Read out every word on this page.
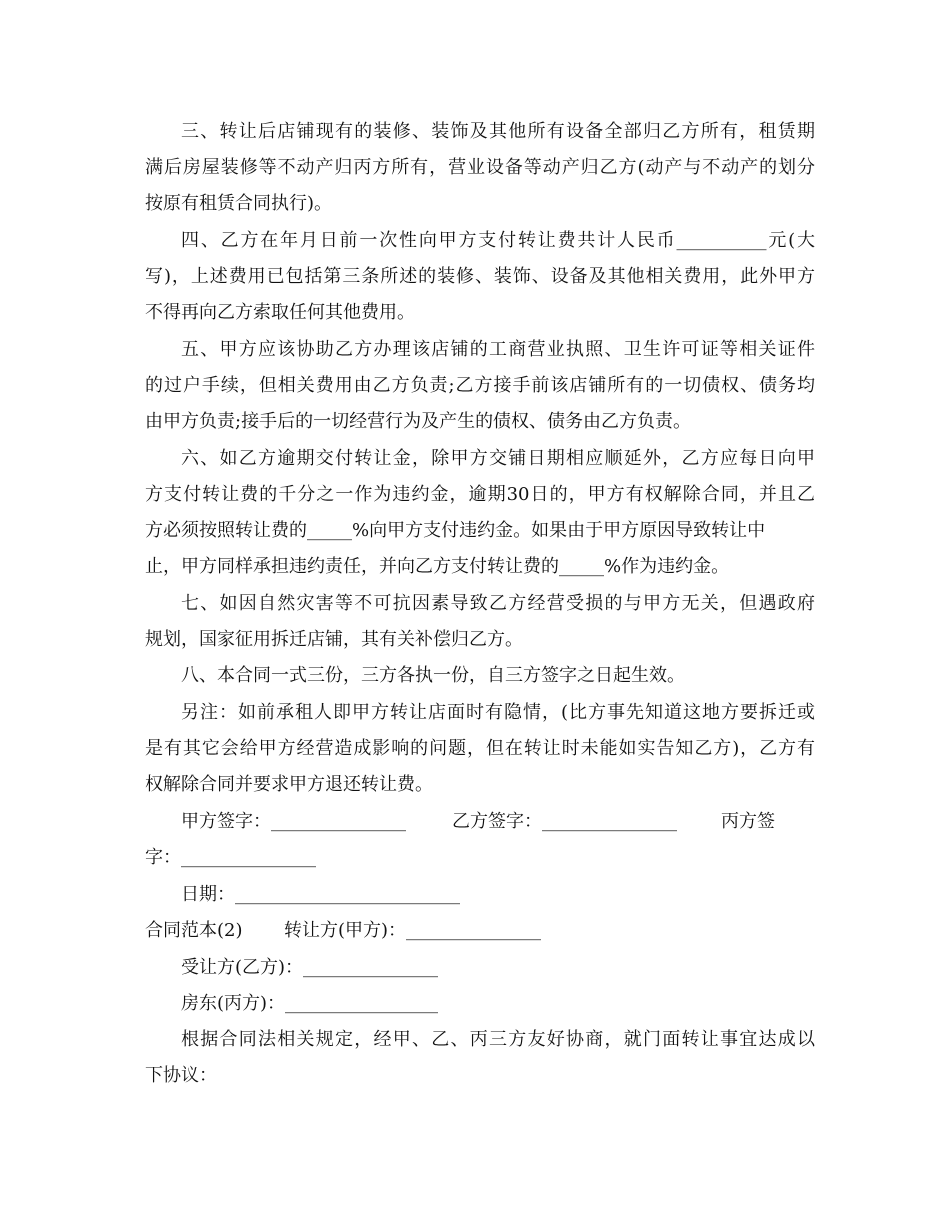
三、转让后店铺现有的装修、装饰及其他所有设备全部归乙方所有，租赁期
满后房屋装修等不动产归丙方所有，营业设备等动产归乙方(动产与不动产的划分
按原有租赁合同执行)。
四、乙方在年月日前一次性向甲方支付转让费共计人民币__________元(大
写)，上述费用已包括第三条所述的装修、装饰、设备及其他相关费用，此外甲方
不得再向乙方索取任何其他费用。
五、甲方应该协助乙方办理该店铺的工商营业执照、卫生许可证等相关证件
的过户手续，但相关费用由乙方负责;乙方接手前该店铺所有的一切债权、债务均
由甲方负责;接手后的一切经营行为及产生的债权、债务由乙方负责。
六、如乙方逾期交付转让金，除甲方交铺日期相应顺延外，乙方应每日向甲
方支付转让费的千分之一作为违约金，逾期30日的，甲方有权解除合同，并且乙
方必须按照转让费的_____%向甲方支付违约金。如果由于甲方原因导致转让中
止，甲方同样承担违约责任，并向乙方支付转让费的_____%作为违约金。
七、如因自然灾害等不可抗因素导致乙方经营受损的与甲方无关，但遇政府
规划，国家征用拆迁店铺，其有关补偿归乙方。
八、本合同一式三份，三方各执一份，自三方签字之日起生效。
另注：如前承租人即甲方转让店面时有隐情，(比方事先知道这地方要拆迁或
是有其它会给甲方经营造成影响的问题，但在转让时未能如实告知乙方)，乙方有
权解除合同并要求甲方退还转让费。
甲方签字：_______________	乙方签字：_______________ 丙方签
字：_______________
日期：_________________________
合同范本(2) 转让方(甲方)：_______________
受让方(乙方)：_______________
房东(丙方)：_________________
根据合同法相关规定，经甲、乙、丙三方友好协商，就门面转让事宜达成以
下协议：
